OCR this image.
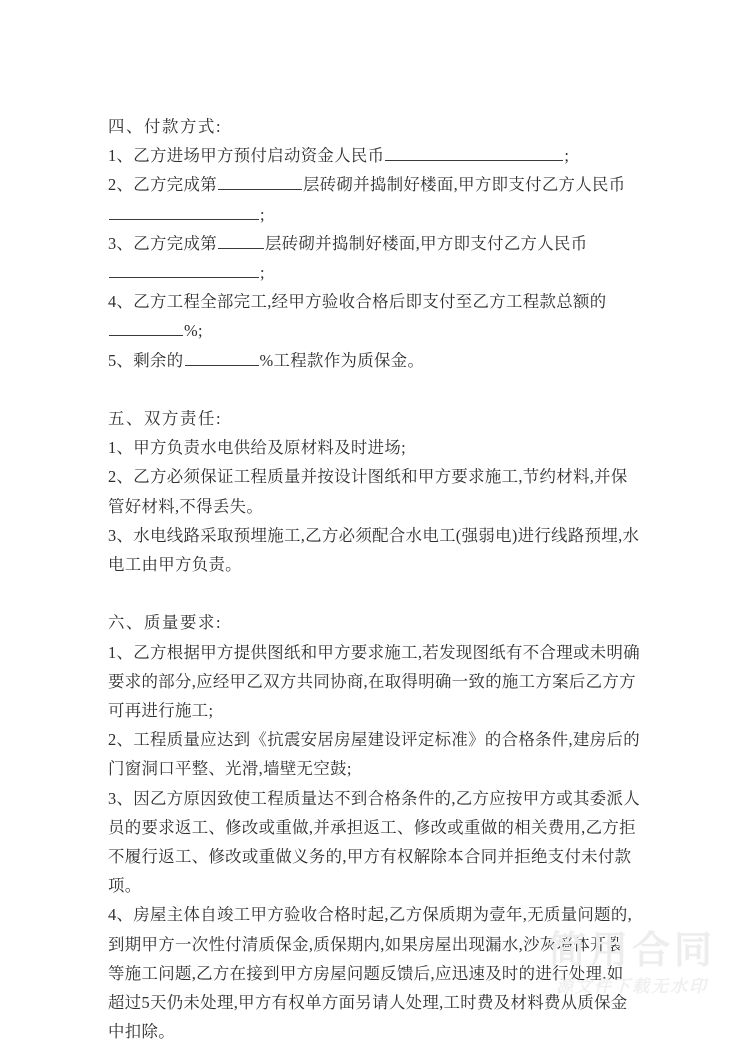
四、付款方式:

1、乙方进场甲方预付启动资金人民币	;

2、乙方完成第	层砖砌并捣制好楼面,甲方即支付乙方人民币;

3、乙方完成第	层砖砌并捣制好楼面,甲方即支付乙方人民币;

4、乙方工程全部完工,经甲方验收合格后即支付至乙方工程款总额的%;

5、剩余的	%工程款作为质保金。

五、双方责任:

1、甲方负责水电供给及原材料及时进场;

2、乙方必须保证工程质量并按设计图纸和甲方要求施工,节约材料,并保管好材料,不得丢失。

3、水电线路采取预埋施工,乙方必须配合水电工(强弱电)进行线路预埋,水电工由甲方负责。

六、质量要求:

1、乙方根据甲方提供图纸和甲方要求施工,若发现图纸有不合理或未明确要求的部分,应经甲乙双方共同协商,在取得明确一致的施工方案后乙方方可再进行施工;

2、工程质量应达到《抗震安居房屋建设评定标准》的合格条件,建房后的门窗洞口平整、光滑,墙壁无空鼓;

3、因乙方原因致使工程质量达不到合格条件的,乙方应按甲方或其委派人员的要求返工、修改或重做,并承担返工、修改或重做的相关费用,乙方拒不履行返工、修改或重做义务的,甲方有权解除本合同并拒绝支付未付款项。

4、房屋主体自竣工甲方验收合格时起,乙方保质期为壹年,无质量问题的,到期甲方一次性付清质保金,质保期内,如果房屋出现漏水,沙灰墙体开裂等施工问题,乙方在接到甲方房屋问题反馈后,应迅速及时的进行处理,如超过5天仍未处理,甲方有权单方面另请人处理,工时费及材料费从质保金中扣除。

简用合同
源文件下载无水印
